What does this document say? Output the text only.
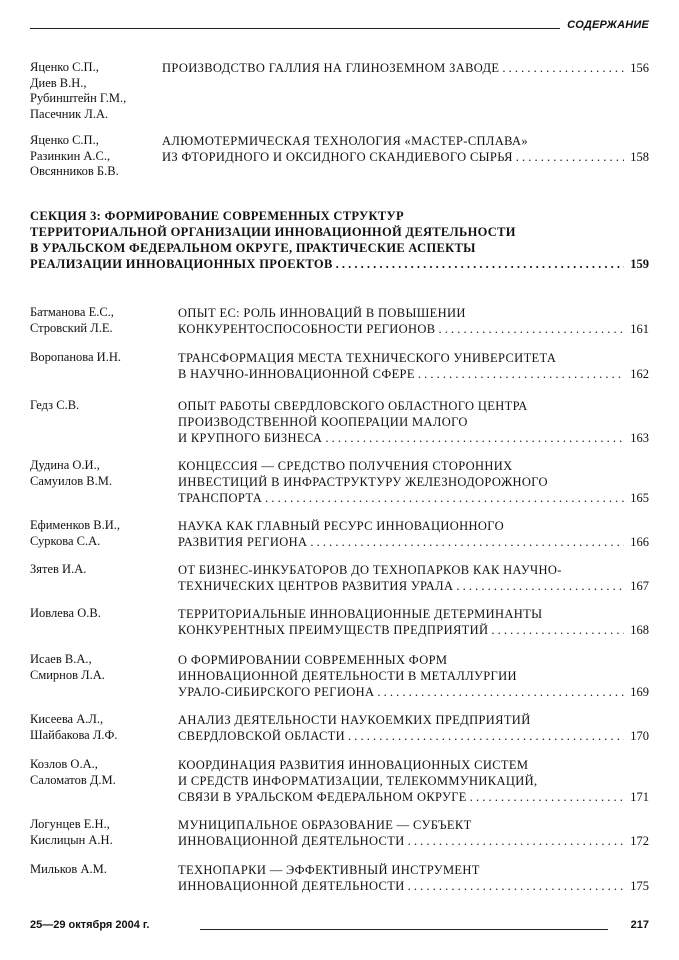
СОДЕРЖАНИЕ
Яценко С.П.,
Диев В.Н.,
Рубинштейн Г.М.,
Пасечник Л.А.
ПРОИЗВОДСТВО ГАЛЛИЯ НА ГЛИНОЗЕМНОМ ЗАВОДЕ . . .	156
Яценко С.П.,
Разинкин А.С.,
Овсянников Б.В.
АЛЮМОТЕРМИЧЕСКАЯ ТЕХНОЛОГИЯ «МАСТЕР-СПЛАВА»
ИЗ ФТОРИДНОГО И ОКСИДНОГО СКАНДИЕВОГО СЫРЬЯ . . .	158
Батманова Е.С.,
Стровский Л.Е.
ОПЫТ ЕС: РОЛЬ ИННОВАЦИЙ В ПОВЫШЕНИИ
КОНКУРЕНТОСПОСОБНОСТИ РЕГИОНОВ . . .	161
Воропанова И.Н.	ТРАНСФОРМАЦИЯ МЕСТА ТЕХНИЧЕСКОГО УНИВЕРСИТЕТА
В НАУЧНО-ИННОВАЦИОННОЙ СФЕРЕ . . .	162
Гедз С.В.	ОПЫТ РАБОТЫ СВЕРДЛОВСКОГО ОБЛАСТНОГО ЦЕНТРА
ПРОИЗВОДСТВЕННОЙ КООПЕРАЦИИ МАЛОГО
И КРУПНОГО БИЗНЕСА . . .	163
Дудина О.И.,
Самуилов В.М.
КОНЦЕССИЯ — СРЕДСТВО ПОЛУЧЕНИЯ СТОРОННИХ
ИНВЕСТИЦИЙ В ИНФРАСТРУКТУРУ ЖЕЛЕЗНОДОРОЖНОГО
ТРАНСПОРТА . . .	165
Ефименков В.И.,
Суркова С.А.
НАУКА КАК ГЛАВНЫЙ РЕСУРС ИННОВАЦИОННОГО
РАЗВИТИЯ РЕГИОНА . . .	166
Зятев И.А.	ОТ БИЗНЕС-ИНКУБАТОРОВ ДО ТЕХНОПАРКОВ КАК НАУЧНО-
ТЕХНИЧЕСКИХ ЦЕНТРОВ РАЗВИТИЯ УРАЛА . . .	167
Иовлева О.В.	ТЕРРИТОРИАЛЬНЫЕ ИННОВАЦИОННЫЕ ДЕТЕРМИНАНТЫ
КОНКУРЕНТНЫХ ПРЕИМУЩЕСТВ ПРЕДПРИЯТИЙ . . .	168
Исаев В.А.,
Смирнов Л.А.
О ФОРМИРОВАНИИ СОВРЕМЕННЫХ ФОРМ
ИННОВАЦИОННОЙ ДЕЯТЕЛЬНОСТИ В МЕТАЛЛУРГИИ
УРАЛО-СИБИРСКОГО РЕГИОНА . . .	169
Кисеева А.Л.,
Шайбакова Л.Ф.
АНАЛИЗ ДЕЯТЕЛЬНОСТИ НАУКОЕМКИХ ПРЕДПРИЯТИЙ
СВЕРДЛОВСКОЙ ОБЛАСТИ . . .	170
Козлов О.А.,
Саломатов Д.М.
КООРДИНАЦИЯ РАЗВИТИЯ ИННОВАЦИОННЫХ СИСТЕМ
И СРЕДСТВ ИНФОРМАТИЗАЦИИ, ТЕЛЕКОММУНИКАЦИЙ,
СВЯЗИ В УРАЛЬСКОМ ФЕДЕРАЛЬНОМ ОКРУГЕ . . .	171
Логунцев Е.Н.,
Кислицын А.Н.
МУНИЦИПАЛЬНОЕ ОБРАЗОВАНИЕ — СУБЪЕКТ
ИННОВАЦИОННОЙ ДЕЯТЕЛЬНОСТИ . . .	172
Мильков А.М.	ТЕХНОПАРКИ — ЭФФЕКТИВНЫЙ ИНСТРУМЕНТ
ИННОВАЦИОННОЙ ДЕЯТЕЛЬНОСТИ . . .	175
СЕКЦИЯ 3: ФОРМИРОВАНИЕ СОВРЕМЕННЫХ СТРУКТУР
ТЕРРИТОРИАЛЬНОЙ ОРГАНИЗАЦИИ ИННОВАЦИОННОЙ ДЕЯТЕЛЬНОСТИ
В УРАЛЬСКОМ ФЕДЕРАЛЬНОМ ОКРУГЕ, ПРАКТИЧЕСКИЕ АСПЕКТЫ
РЕАЛИЗАЦИИ ИННОВАЦИОННЫХ ПРОЕКТОВ . . .	159
25—29 октября 2004 г.	217
